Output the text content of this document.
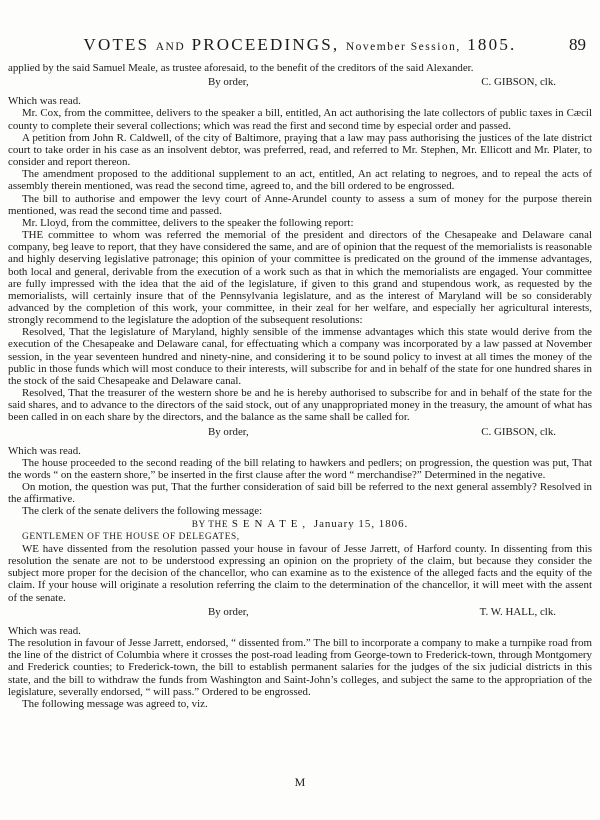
VOTES AND PROCEEDINGS, November Session, 1805.	89

applied by the said Samuel Meale, as trustee aforesaid, to the benefit of the creditors of the said Alexander.

By order,	C. GIBSON, clk.

Which was read.

Mr. Cox, from the committee, delivers to the speaker a bill, entitled, An act authorising the late collectors of public taxes in Cæcil county to complete their several collections; which was read the first and second time by especial order and passed.

A petition from John R. Caldwell, of the city of Baltimore, praying that a law may pass authorising the justices of the late district court to take order in his case as an insolvent debtor, was preferred, read, and referred to Mr. Stephen, Mr. Ellicott and Mr. Plater, to consider and report thereon.

The amendment proposed to the additional supplement to an act, entitled, An act relating to negroes, and to repeal the acts of assembly therein mentioned, was read the second time, agreed to, and the bill ordered to be engrossed.

The bill to authorise and empower the levy court of Anne-Arundel county to assess a sum of money for the purpose therein mentioned, was read the second time and passed.

Mr. Lloyd, from the committee, delivers to the speaker the following report:

THE committee to whom was referred the memorial of the president and directors of the Chesapeake and Delaware canal company, beg leave to report, that they have considered the same, and are of opinion that the request of the memorialists is reasonable and highly deserving legislative patronage; this opinion of your committee is predicated on the ground of the immense advantages, both local and general, derivable from the execution of a work such as that in which the memorialists are engaged. Your committee are fully impressed with the idea that the aid of the legislature, if given to this grand and stupendous work, as requested by the memorialists, will certainly insure that of the Pennsylvania legislature, and as the interest of Maryland will be so considerably advanced by the completion of this work, your committee, in their zeal for her welfare, and especially her agricultural interests, strongly recommend to the legislature the adoption of the subsequent resolutions:

Resolved, That the legislature of Maryland, highly sensible of the immense advantages which this state would derive from the execution of the Chesapeake and Delaware canal, for effectuating which a company was incorporated by a law passed at November session, in the year seventeen hundred and ninety-nine, and considering it to be sound policy to invest at all times the money of the public in those funds which will most conduce to their interests, will subscribe for and in behalf of the state for one hundred shares in the stock of the said Chesapeake and Delaware canal.

Resolved, That the treasurer of the western shore be and he is hereby authorised to subscribe for and in behalf of the state for the said shares, and to advance to the directors of the said stock, out of any unappropriated money in the treasury, the amount of what has been called in on each share by the directors, and the balance as the same shall be called for.

By order,	C. GIBSON, clk.

Which was read.

The house proceeded to the second reading of the bill relating to hawkers and pedlers; on progression, the question was put, That the words “ on the eastern shore,” be inserted in the first clause after the word “ merchandise?” Determined in the negative.

On motion, the question was put, That the further consideration of said bill be referred to the next general assembly? Resolved in the affirmative.

The clerk of the senate delivers the following message:

BY THE SENATE, January 15, 1806.

GENTLEMEN OF THE HOUSE OF DELEGATES,

WE have dissented from the resolution passed your house in favour of Jesse Jarrett, of Harford county. In dissenting from this resolution the senate are not to be understood expressing an opinion on the propriety of the claim, but because they consider the subject more proper for the decision of the chancellor, who can examine as to the existence of the alleged facts and the equity of the claim. If your house will originate a resolution referring the claim to the determination of the chancellor, it will meet with the assent of the senate.

By order,	T. W. HALL, clk.

Which was read.

The resolution in favour of Jesse Jarrett, endorsed, “ dissented from.” The bill to incorporate a company to make a turnpike road from the line of the district of Columbia where it crosses the post-road leading from George-town to Frederick-town, through Montgomery and Frederick counties; to Frederick-town, the bill to establish permanent salaries for the judges of the six judicial districts in this state, and the bill to withdraw the funds from Washington and Saint-John’s colleges, and subject the same to the appropriation of the legislature, severally endorsed, “ will pass.” Ordered to be engrossed.

The following message was agreed to, viz.

M
